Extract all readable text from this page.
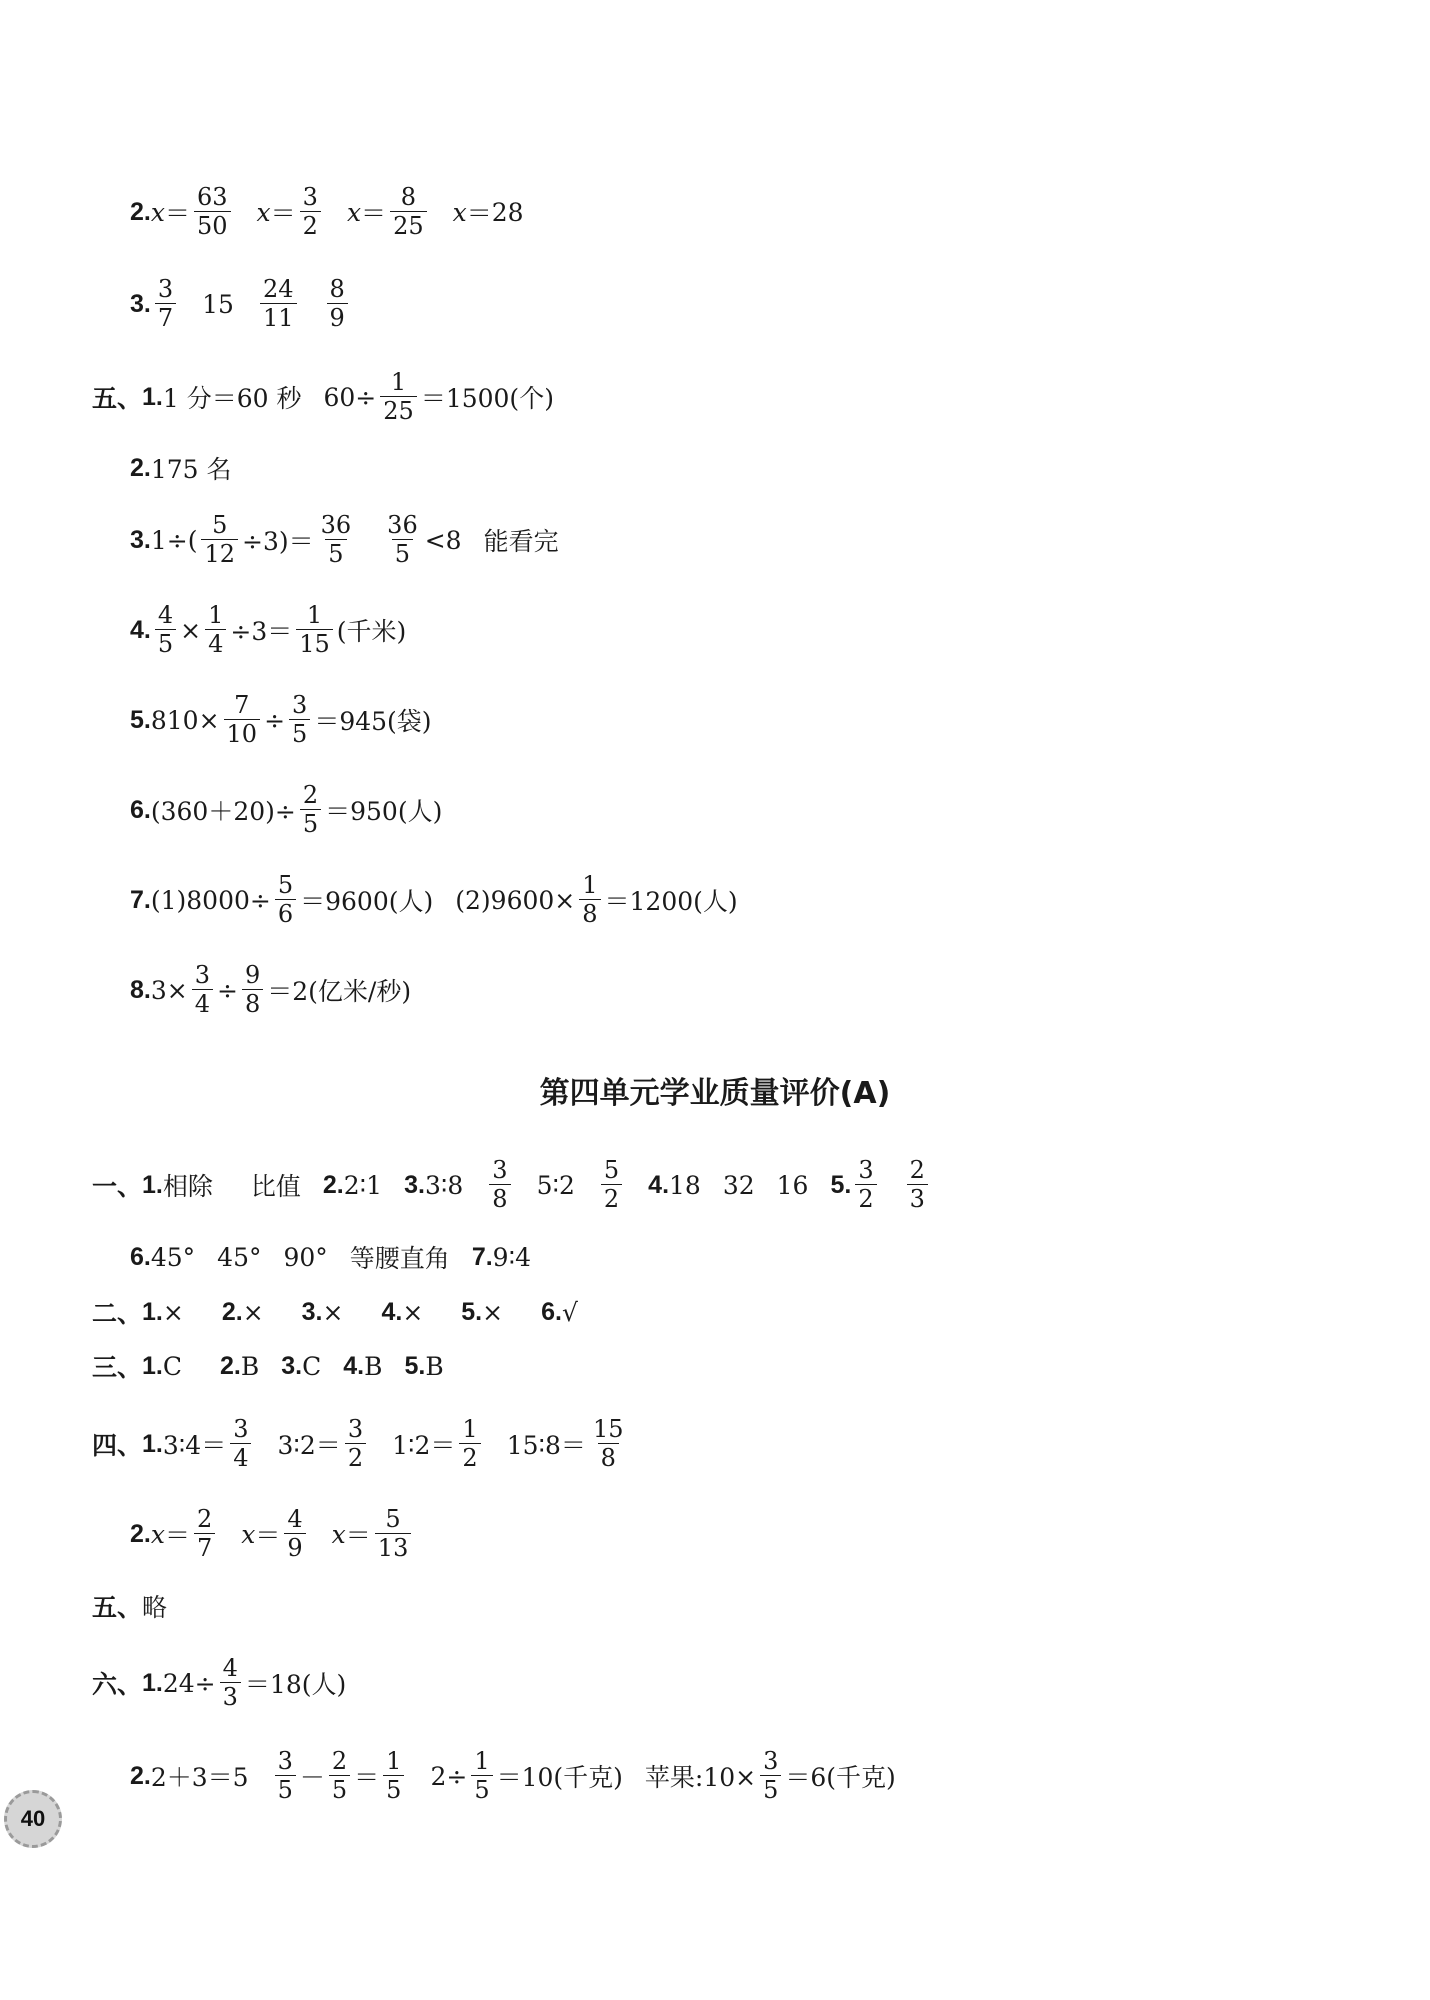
2. $x = \frac{63}{50}$ $x = \frac{3}{2}$ $x = \frac{8}{25}$ x ＝ 28
3. $\frac{3}{7} 15 \frac{24}{11} \frac{8}{9}$
五、 1. 1 分＝60 秒 $60\div \frac{1}{25} =1500$(个)
2. 175 名
3. $1\div( \frac{5}{12} \div 3)= \frac{36}{5} \frac{36}{5} <8$ 能看完
4. $\frac{4}{5} \times \frac{1}{4} \div 3= \frac{1}{15}$ (千米)
5. $810\times \frac{7}{10} \div \frac{3}{5} =945$(袋)
6. $(360+20)\div \frac{2}{5} =950$(人)
7. $(1)8000\div \frac{5}{6} =9600$(人) $(2)9600\times \frac{1}{8} =1200$(人)
8. $3\times \frac{3}{4} \div \frac{9}{8} =2$(亿米/秒)
第四单元学业质量评价(A)
一、 1. 相除 比值 2. 2∶1 3. 3∶8 $\frac{3}{8}$ 5∶2 $\frac{5}{2} 4$. 18 32 16 5. $\frac{3}{2} \frac{2}{3}$
6. 45° 45° 90° 等腰直角 7. 9∶4
二、 1. × 2. × 3. × 4. × 5. × 6. √
三、 1. C 2. B 3. C 4. B 5. B
四、 1. 3∶4＝ $\frac{3}{4}$ 3∶2＝ $\frac{3}{2}$ 1∶2＝ $\frac{1}{2}$ 15∶8＝ $\frac{15}{8}$
2. $x = \frac{2}{7}$ $x = \frac{4}{9}$ $x = \frac{5}{13}$
五、 略
六、 1. $24\div \frac{4}{3} =18$(人)
2. $2+3=5 \frac{3}{5} - \frac{2}{5} = \frac{1}{5} 2\div \frac{1}{5} =10$(千克) 苹果:10× $\frac{3}{5} =6$(千克)
40
